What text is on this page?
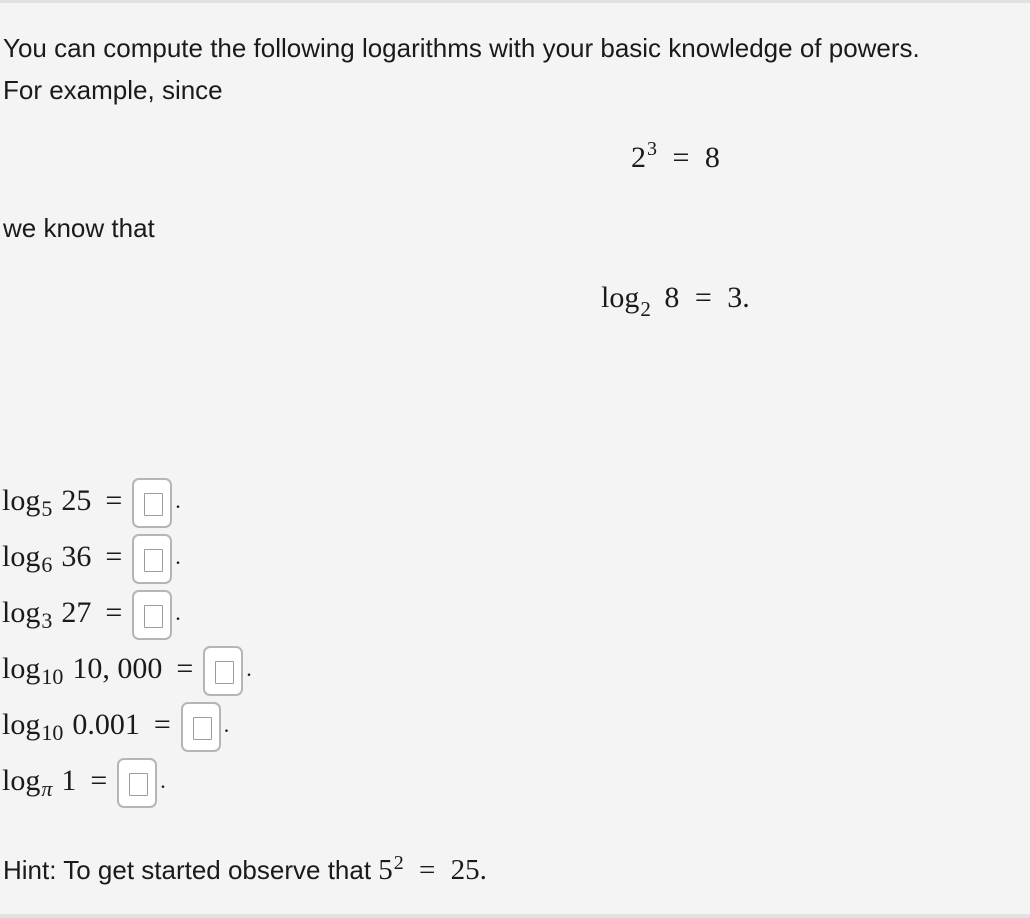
You can compute the following logarithms with your basic knowledge of powers.
For example, since
$2^3 = 8$
we know that
$\log_2 8 = 3$.
log 5 25 = .
log 6 36 = .
log 3 27 = .
log 10 10, 000 = .
log 10 0.001 = .
log π 1 = .
Hint: To get started observe that $5^2 = 25$.
